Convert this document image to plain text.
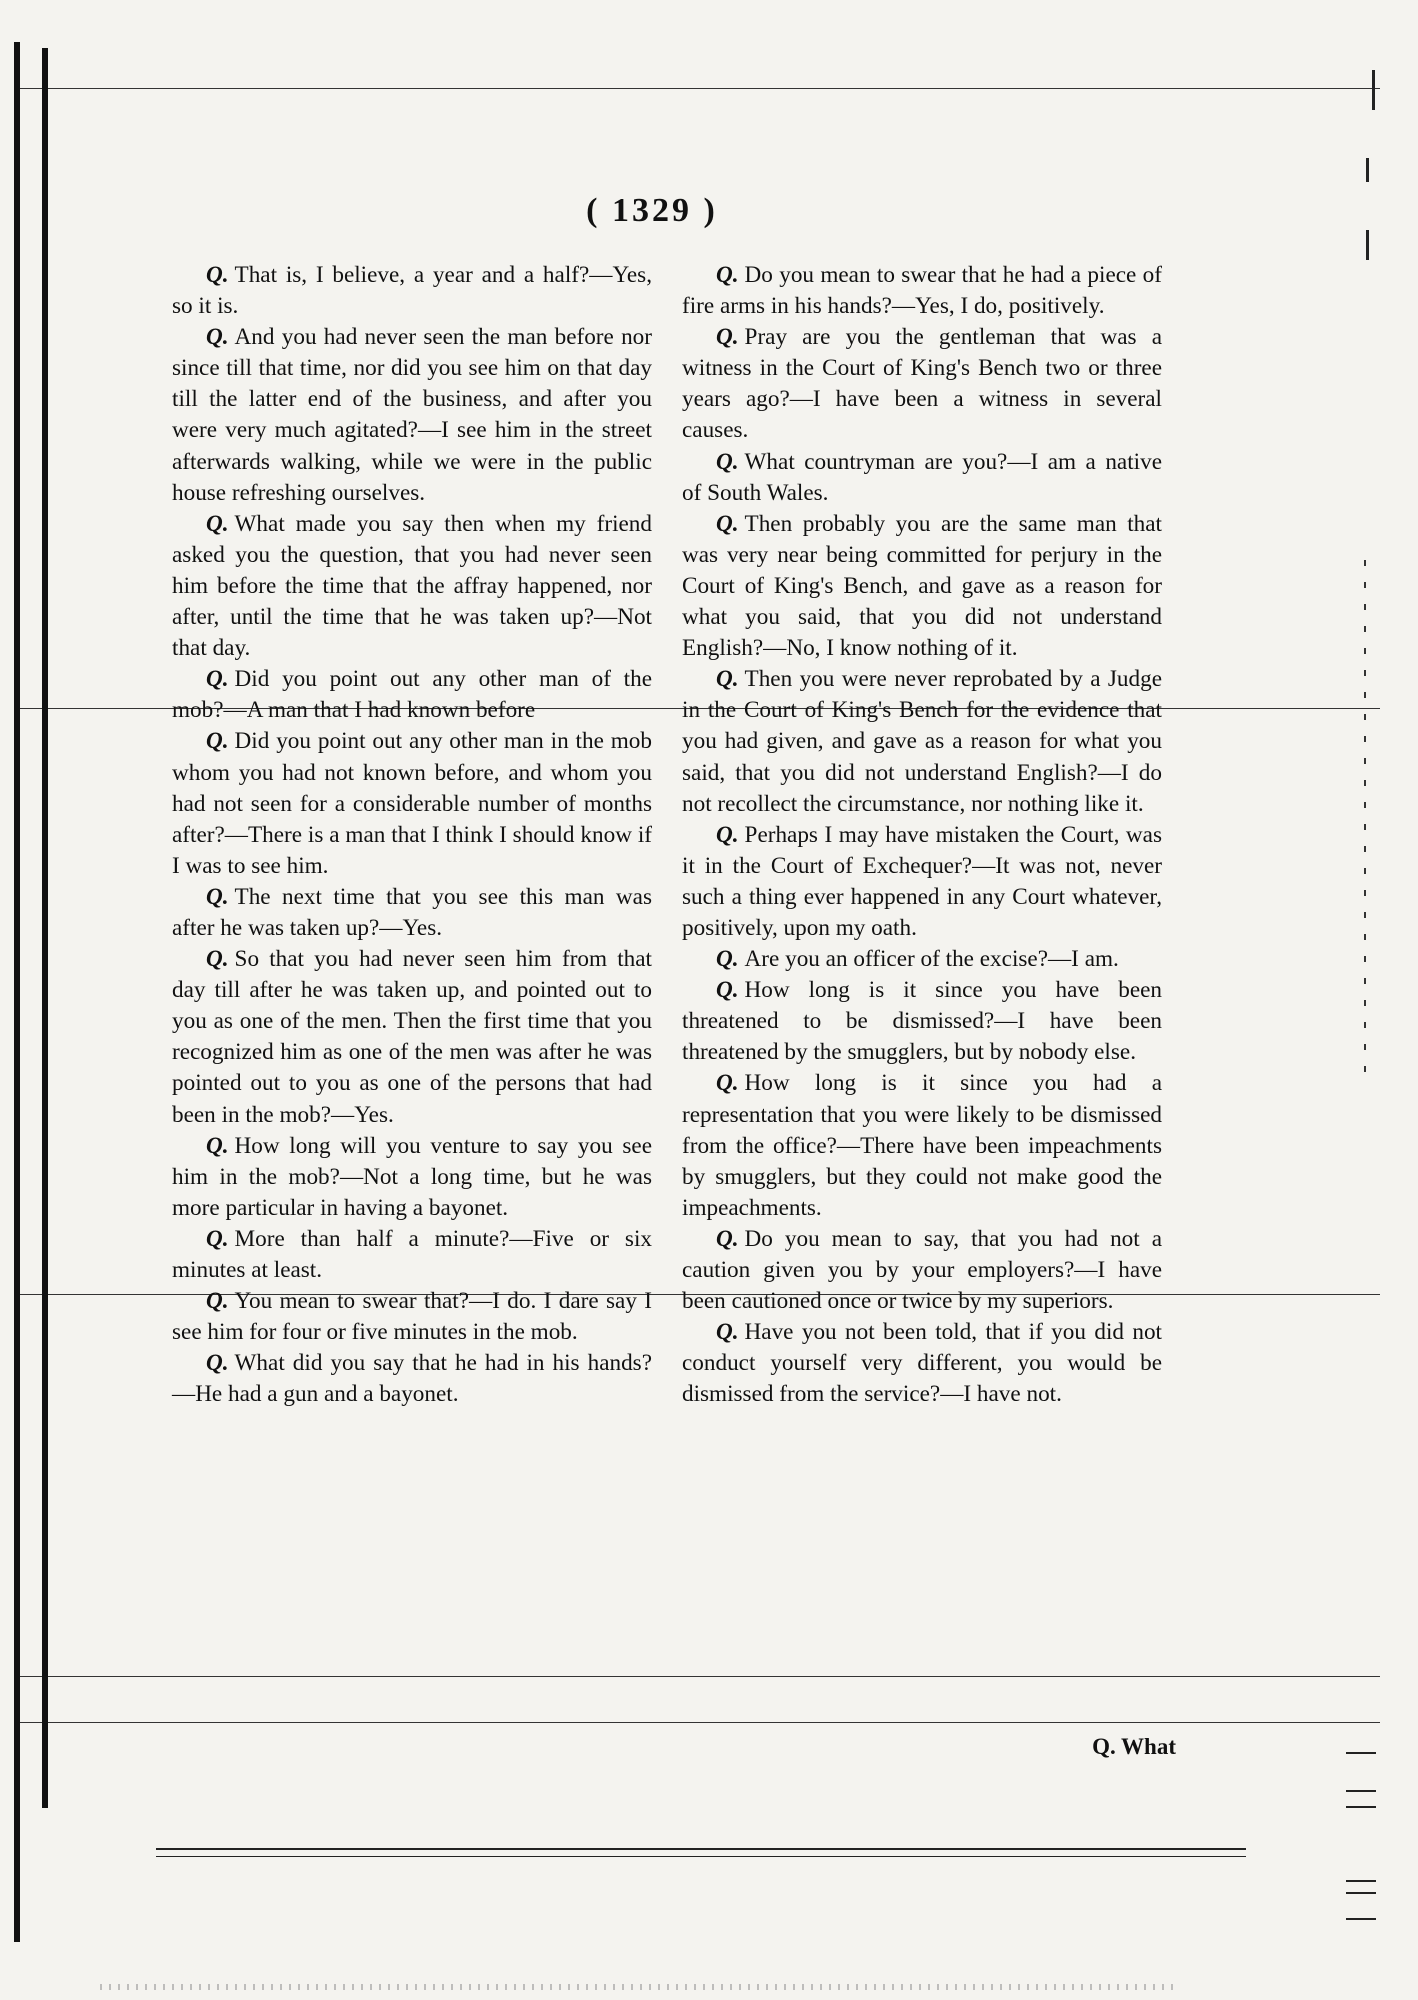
( 1329 )

Q. That is, I believe, a year and a half?—Yes, so it is.

Q. And you had never seen the man before nor since till that time, nor did you see him on that day till the latter end of the business, and after you were very much agitated?—I see him in the street afterwards walking, while we were in the public house refreshing ourselves.

Q. What made you say then when my friend asked you the question, that you had never seen him before the time that the affray happened, nor after, until the time that he was taken up?—Not that day.

Q. Did you point out any other man of the mob?—A man that I had known before

Q. Did you point out any other man in the mob whom you had not known before, and whom you had not seen for a considerable number of months after?—There is a man that I think I should know if I was to see him.

Q. The next time that you see this man was after he was taken up?—Yes.

Q. So that you had never seen him from that day till after he was taken up, and pointed out to you as one of the men. Then the first time that you recognized him as one of the men was after he was pointed out to you as one of the persons that had been in the mob?—Yes.

Q. How long will you venture to say you see him in the mob?—Not a long time, but he was more particular in having a bayonet.

Q. More than half a minute?—Five or six minutes at least.

Q. You mean to swear that?—I do. I dare say I see him for four or five minutes in the mob.

Q. What did you say that he had in his hands?—He had a gun and a bayonet.

Q. Do you mean to swear that he had a piece of fire arms in his hands?—Yes, I do, positively.

Q. Pray are you the gentleman that was a witness in the Court of King's Bench two or three years ago?—I have been a witness in several causes.

Q. What countryman are you?—I am a native of South Wales.

Q. Then probably you are the same man that was very near being committed for perjury in the Court of King's Bench, and gave as a reason for what you said, that you did not understand English?—No, I know nothing of it.

Q. Then you were never reprobated by a Judge in the Court of King's Bench for the evidence that you had given, and gave as a reason for what you said, that you did not understand English?—I do not recollect the circumstance, nor nothing like it.

Q. Perhaps I may have mistaken the Court, was it in the Court of Exchequer?—It was not, never such a thing ever happened in any Court whatever, positively, upon my oath.

Q. Are you an officer of the excise?—I am.

Q. How long is it since you have been threatened to be dismissed?—I have been threatened by the smugglers, but by nobody else.

Q. How long is it since you had a representation that you were likely to be dismissed from the office?—There have been impeachments by smugglers, but they could not make good the impeachments.

Q. Do you mean to say, that you had not a caution given you by your employers?—I have been cautioned once or twice by my superiors.

Q. Have you not been told, that if you did not conduct yourself very different, you would be dismissed from the service?—I have not.

Q. What
